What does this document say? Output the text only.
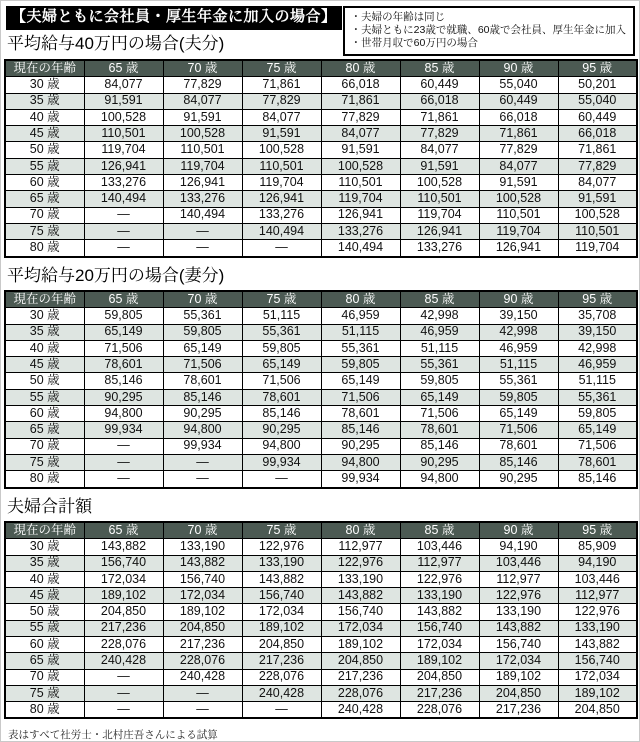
【夫婦ともに会社員・厚生年金に加入の場合】
平均給与40万円の場合(夫分)
・夫婦の年齢は同じ
・夫婦ともに23歳で就職、60歳で会社員、厚生年金に加入
・世帯月収で60万円の場合
現在の年齢	65 歳	70 歳	75 歳	80 歳	85 歳	90 歳	95 歳
30 歳	84,077	77,829	71,861	66,018	60,449	55,040	50,201
35 歳	91,591	84,077	77,829	71,861	66,018	60,449	55,040
40 歳	100,528	91,591	84,077	77,829	71,861	66,018	60,449
45 歳	110,501	100,528	91,591	84,077	77,829	71,861	66,018
50 歳	119,704	110,501	100,528	91,591	84,077	77,829	71,861
55 歳	126,941	119,704	110,501	100,528	91,591	84,077	77,829
60 歳	133,276	126,941	119,704	110,501	100,528	91,591	84,077
65 歳	140,494	133,276	126,941	119,704	110,501	100,528	91,591
70 歳	—	140,494	133,276	126,941	119,704	110,501	100,528
75 歳	—	—	140,494	133,276	126,941	119,704	110,501
80 歳	—	—	—	140,494	133,276	126,941	119,704
平均給与20万円の場合(妻分)
現在の年齢	65 歳	70 歳	75 歳	80 歳	85 歳	90 歳	95 歳
30 歳	59,805	55,361	51,115	46,959	42,998	39,150	35,708
35 歳	65,149	59,805	55,361	51,115	46,959	42,998	39,150
40 歳	71,506	65,149	59,805	55,361	51,115	46,959	42,998
45 歳	78,601	71,506	65,149	59,805	55,361	51,115	46,959
50 歳	85,146	78,601	71,506	65,149	59,805	55,361	51,115
55 歳	90,295	85,146	78,601	71,506	65,149	59,805	55,361
60 歳	94,800	90,295	85,146	78,601	71,506	65,149	59,805
65 歳	99,934	94,800	90,295	85,146	78,601	71,506	65,149
70 歳	—	99,934	94,800	90,295	85,146	78,601	71,506
75 歳	—	—	99,934	94,800	90,295	85,146	78,601
80 歳	—	—	—	99,934	94,800	90,295	85,146
夫婦合計額
現在の年齢	65 歳	70 歳	75 歳	80 歳	85 歳	90 歳	95 歳
30 歳	143,882	133,190	122,976	112,977	103,446	94,190	85,909
35 歳	156,740	143,882	133,190	122,976	112,977	103,446	94,190
40 歳	172,034	156,740	143,882	133,190	122,976	112,977	103,446
45 歳	189,102	172,034	156,740	143,882	133,190	122,976	112,977
50 歳	204,850	189,102	172,034	156,740	143,882	133,190	122,976
55 歳	217,236	204,850	189,102	172,034	156,740	143,882	133,190
60 歳	228,076	217,236	204,850	189,102	172,034	156,740	143,882
65 歳	240,428	228,076	217,236	204,850	189,102	172,034	156,740
70 歳	—	240,428	228,076	217,236	204,850	189,102	172,034
75 歳	—	—	240,428	228,076	217,236	204,850	189,102
80 歳	—	—	—	240,428	228,076	217,236	204,850
表はすべて社労士・北村庄吾さんによる試算
